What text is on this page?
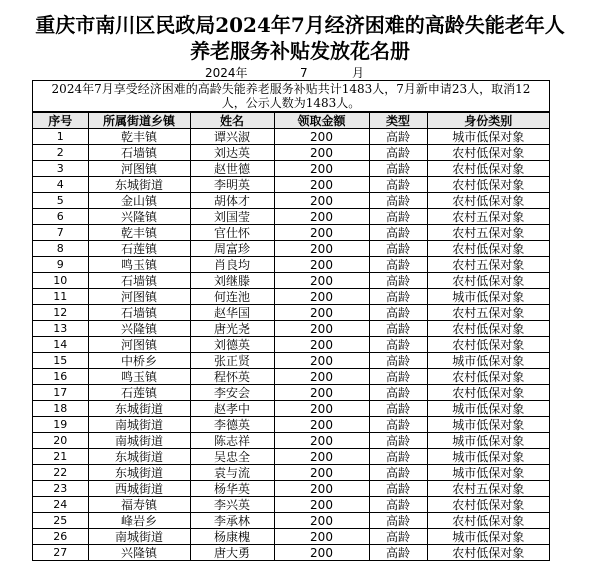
重庆市南川区民政局2024年7月经济困难的高龄失能老年人
养老服务补贴发放花名册
2024年	7	月
2024年7月享受经济困难的高龄失能养老服务补贴共计1483人，7月新申请23人，取消12人，公示人数为1483人。
序号	所属街道乡镇	姓名	领取金额	类型	身份类别
1	乾丰镇	谭兴淑	200	高龄	城市低保对象
2	石墙镇	刘达英	200	高龄	农村低保对象
3	河图镇	赵世德	200	高龄	农村低保对象
4	东城街道	李明英	200	高龄	农村低保对象
5	金山镇	胡体才	200	高龄	农村低保对象
6	兴隆镇	刘国莹	200	高龄	农村五保对象
7	乾丰镇	官仕怀	200	高龄	农村五保对象
8	石莲镇	周富珍	200	高龄	农村低保对象
9	鸣玉镇	肖良均	200	高龄	农村五保对象
10	石墙镇	刘继滕	200	高龄	农村低保对象
11	河图镇	何连池	200	高龄	城市低保对象
12	石墙镇	赵华国	200	高龄	农村五保对象
13	兴隆镇	唐光尧	200	高龄	农村低保对象
14	河图镇	刘德英	200	高龄	农村低保对象
15	中桥乡	张正贤	200	高龄	城市低保对象
16	鸣玉镇	程怀英	200	高龄	农村低保对象
17	石莲镇	李安会	200	高龄	农村低保对象
18	东城街道	赵孝中	200	高龄	城市低保对象
19	南城街道	李德英	200	高龄	城市低保对象
20	南城街道	陈志祥	200	高龄	城市低保对象
21	东城街道	吴忠全	200	高龄	城市低保对象
22	东城街道	袁与流	200	高龄	城市低保对象
23	西城街道	杨华英	200	高龄	农村五保对象
24	福寿镇	李兴英	200	高龄	农村低保对象
25	峰岩乡	李承林	200	高龄	农村低保对象
26	南城街道	杨康槐	200	高龄	城市低保对象
27	兴隆镇	唐大勇	200	高龄	农村低保对象
